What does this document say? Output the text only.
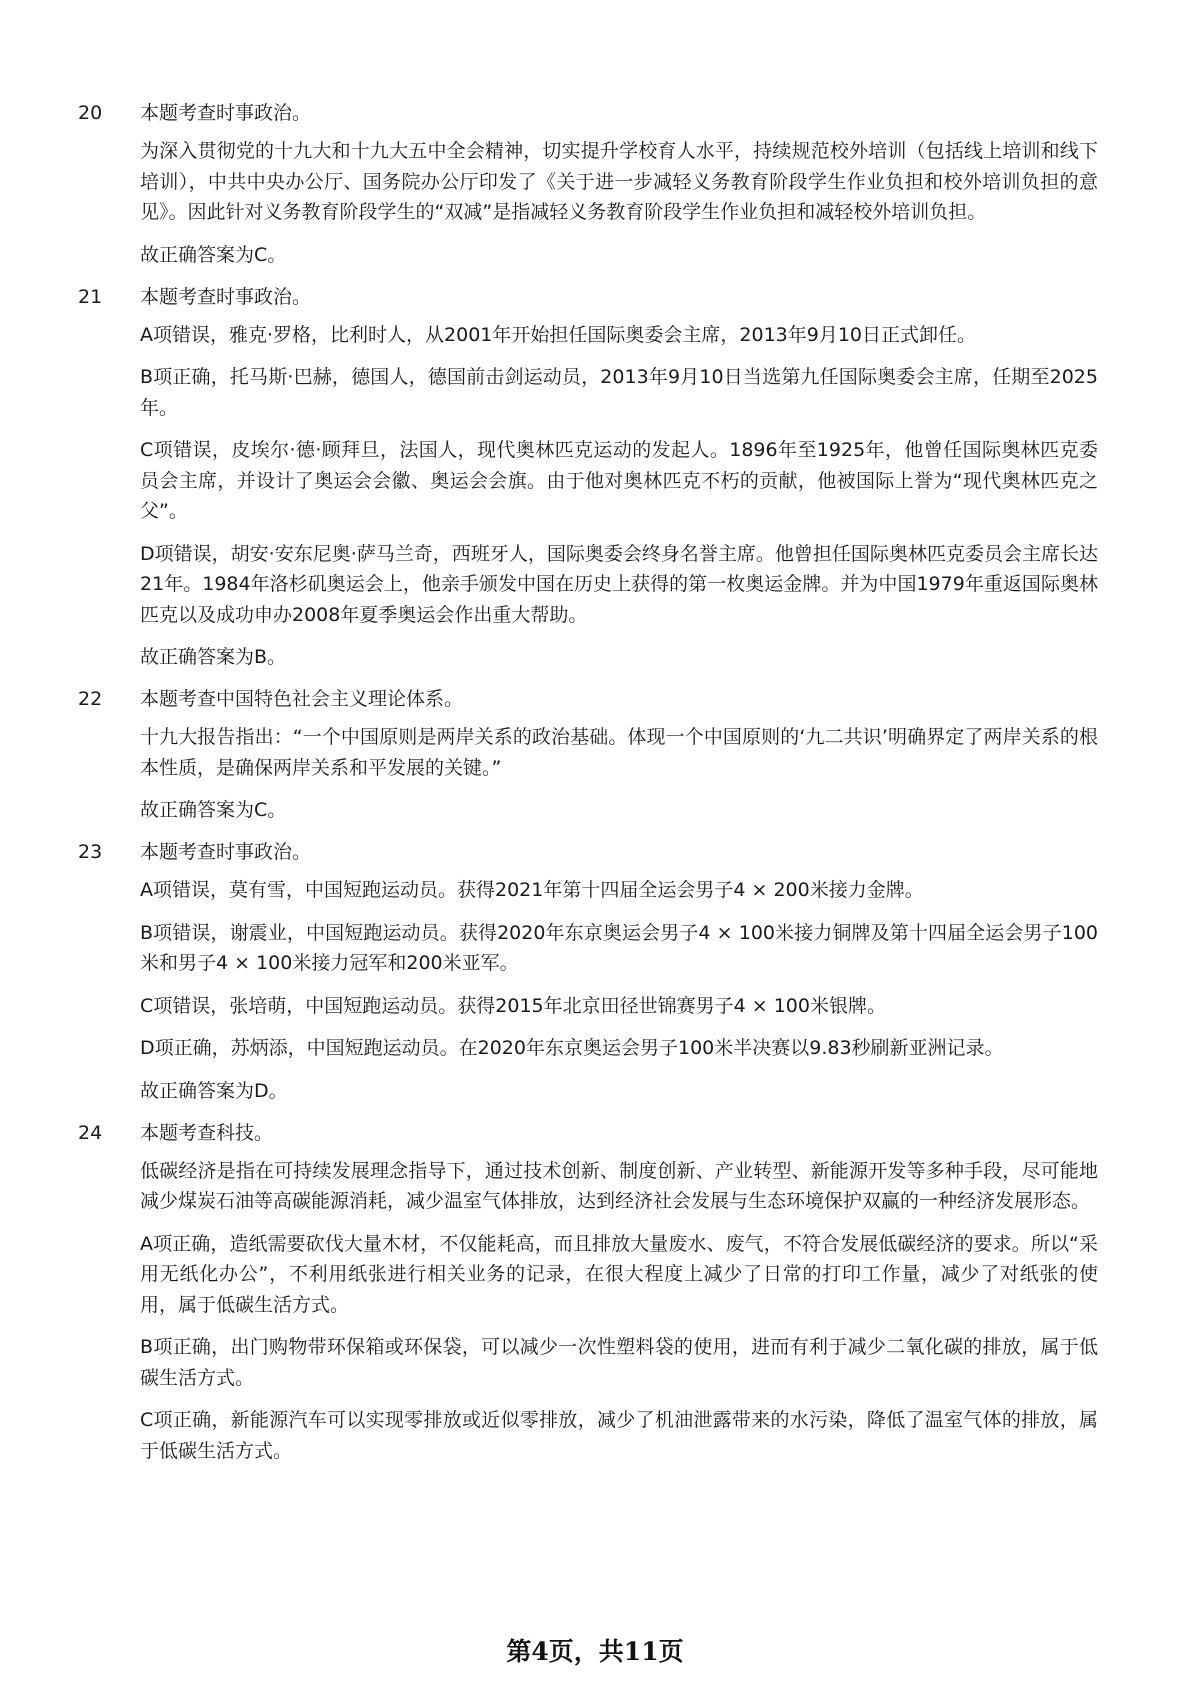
20	本题考查时事政治。

为深入贯彻党的十九大和十九大五中全会精神，切实提升学校育人水平，持续规范校外培训（包括线上培训和线下培训），中共中央办公厅、国务院办公厅印发了《关于进一步减轻义务教育阶段学生作业负担和校外培训负担的意见》。因此针对义务教育阶段学生的“双减”是指减轻义务教育阶段学生作业负担和减轻校外培训负担。

故正确答案为C。

21	本题考查时事政治。

A项错误，雅克·罗格，比利时人，从2001年开始担任国际奥委会主席，2013年9月10日正式卸任。

B项正确，托马斯·巴赫，德国人，德国前击剑运动员，2013年9月10日当选第九任国际奥委会主席，任期至2025年。

C项错误，皮埃尔·德·顾拜旦，法国人，现代奥林匹克运动的发起人。1896年至1925年，他曾任国际奥林匹克委员会主席，并设计了奥运会会徽、奥运会会旗。由于他对奥林匹克不朽的贡献，他被国际上誉为“现代奥林匹克之父”。

D项错误，胡安·安东尼奥·萨马兰奇，西班牙人，国际奥委会终身名誉主席。他曾担任国际奥林匹克委员会主席长达21年。1984年洛杉矶奥运会上，他亲手颁发中国在历史上获得的第一枚奥运金牌。并为中国1979年重返国际奥林匹克以及成功申办2008年夏季奥运会作出重大帮助。

故正确答案为B。

22	本题考查中国特色社会主义理论体系。

十九大报告指出：“一个中国原则是两岸关系的政治基础。体现一个中国原则的‘九二共识’明确界定了两岸关系的根本性质，是确保两岸关系和平发展的关键。”

故正确答案为C。

23	本题考查时事政治。

A项错误，莫有雪，中国短跑运动员。获得2021年第十四届全运会男子4 × 200米接力金牌。

B项错误，谢震业，中国短跑运动员。获得2020年东京奥运会男子4 × 100米接力铜牌及第十四届全运会男子100米和男子4 × 100米接力冠军和200米亚军。

C项错误，张培萌，中国短跑运动员。获得2015年北京田径世锦赛男子4 × 100米银牌。

D项正确，苏炳添，中国短跑运动员。在2020年东京奥运会男子100米半决赛以9.83秒刷新亚洲记录。

故正确答案为D。

24	本题考查科技。

低碳经济是指在可持续发展理念指导下，通过技术创新、制度创新、产业转型、新能源开发等多种手段，尽可能地减少煤炭石油等高碳能源消耗，减少温室气体排放，达到经济社会发展与生态环境保护双赢的一种经济发展形态。

A项正确，造纸需要砍伐大量木材，不仅能耗高，而且排放大量废水、废气，不符合发展低碳经济的要求。所以“采用无纸化办公”，不利用纸张进行相关业务的记录，在很大程度上减少了日常的打印工作量，减少了对纸张的使用，属于低碳生活方式。

B项正确，出门购物带环保箱或环保袋，可以减少一次性塑料袋的使用，进而有利于减少二氧化碳的排放，属于低碳生活方式。

C项正确，新能源汽车可以实现零排放或近似零排放，减少了机油泄露带来的水污染，降低了温室气体的排放，属于低碳生活方式。

第4页，共11页
